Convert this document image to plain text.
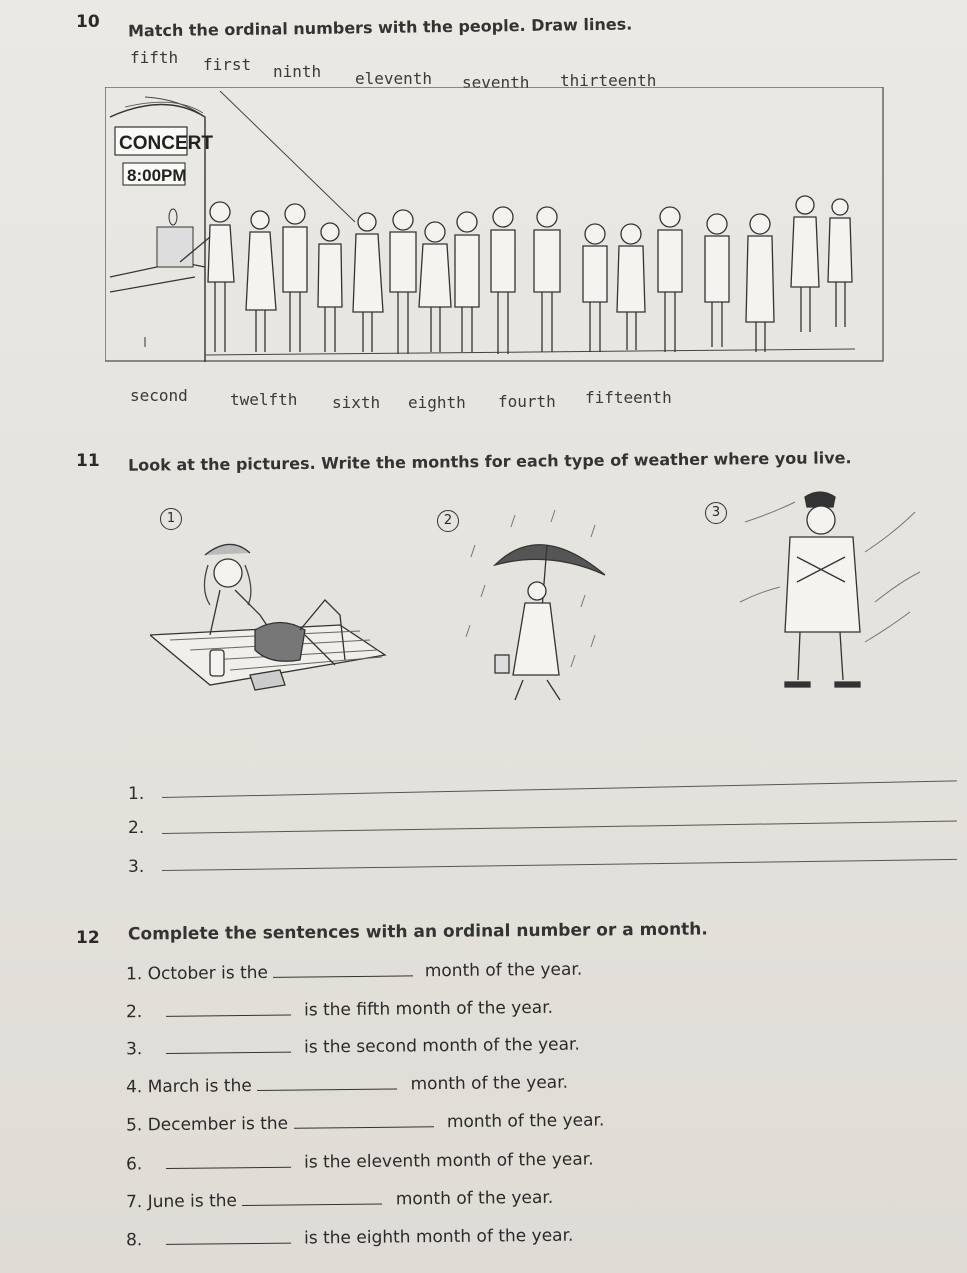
10 Match the ordinal numbers with the people. Draw lines.
fifth first ninth eleventh seventh thirteenth
CONCERT
8:00PM
second	twelfth sixth eighth fourth fifteenth
11 Look at the pictures. Write the months for each type of weather where you live.
1	2
3
1.
2.
3.
12 Complete the sentences with an ordinal number or a month.
1. October is the	month of the year.
2.	is the fifth month of the year.
3.	is the second month of the year.
4. March is the	month of the year.
5. December is the	month of the year.
6.	is the eleventh month of the year.
7. June is the	month of the year.
8.	is the eighth month of the year.
